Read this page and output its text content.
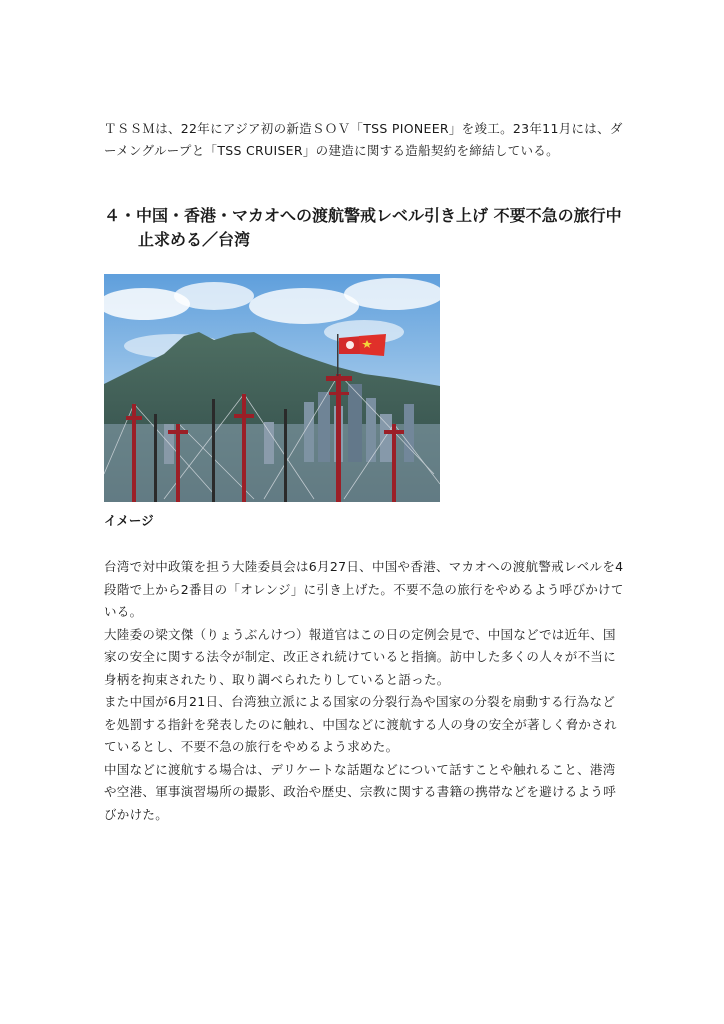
ＴＳＳＭは、22年にアジア初の新造ＳＯＶ「TSS PIONEER」を竣工。23年11月には、ダーメングループと「TSS CRUISER」の建造に関する造船契約を締結している。

４・中国・香港・マカオへの渡航警戒レベル引き上げ 不要不急の旅行中止求める／台湾

イメージ

台湾で対中政策を担う大陸委員会は6月27日、中国や香港、マカオへの渡航警戒レベルを4段階で上から2番目の「オレンジ」に引き上げた。不要不急の旅行をやめるよう呼びかけている。

大陸委の梁文傑（りょうぶんけつ）報道官はこの日の定例会見で、中国などでは近年、国家の安全に関する法令が制定、改正され続けていると指摘。訪中した多くの人々が不当に身柄を拘束されたり、取り調べられたりしていると語った。

また中国が6月21日、台湾独立派による国家の分裂行為や国家の分裂を扇動する行為などを処罰する指針を発表したのに触れ、中国などに渡航する人の身の安全が著しく脅かされているとし、不要不急の旅行をやめるよう求めた。

中国などに渡航する場合は、デリケートな話題などについて話すことや触れること、港湾や空港、軍事演習場所の撮影、政治や歴史、宗教に関する書籍の携帯などを避けるよう呼びかけた。
